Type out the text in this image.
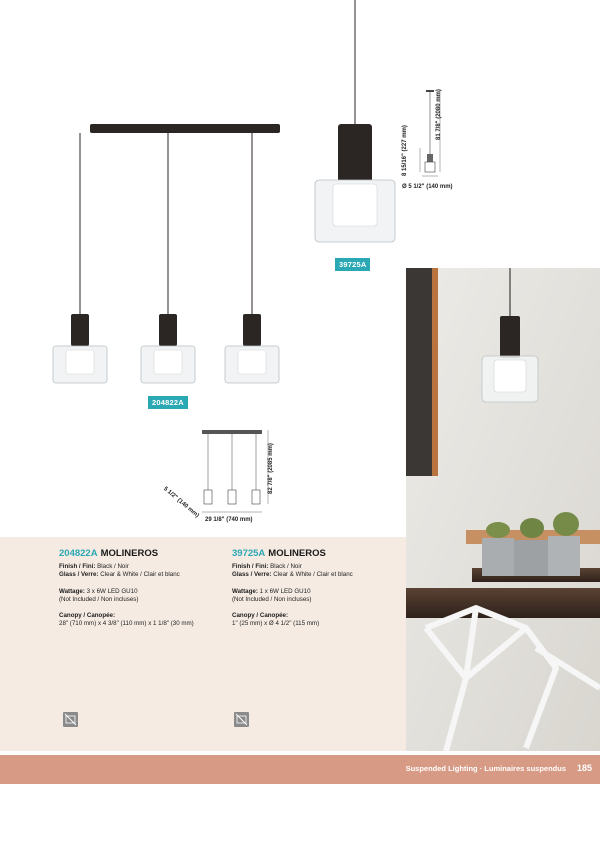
204822A
39725A
81 7/8" (2080 mm)
8 15/16" (227 mm)
Ø 5 1/2" (140 mm)
82 7/8" (2085 mm)
5 1/2" (140 mm)
29 1/8" (740 mm)
204822A MOLINEROS
Finish / Fini: Black / Noir
Glass / Verre: Clear & White / Clair et blanc
Wattage: 3 x 6W LED GU10
(Not Included / Non incluses)
Canopy / Canopée:
28" (710 mm) x 4 3/8" (110 mm) x 1 1/8" (30 mm)
39725A MOLINEROS
Finish / Fini: Black / Noir
Glass / Verre: Clear & White / Clair et blanc
Wattage: 1 x 6W LED GU10
(Not Included / Non incluses)
Canopy / Canopée:
1" (25 mm) x Ø 4 1/2" (115 mm)
Suspended Lighting · Luminaires suspendus 185
